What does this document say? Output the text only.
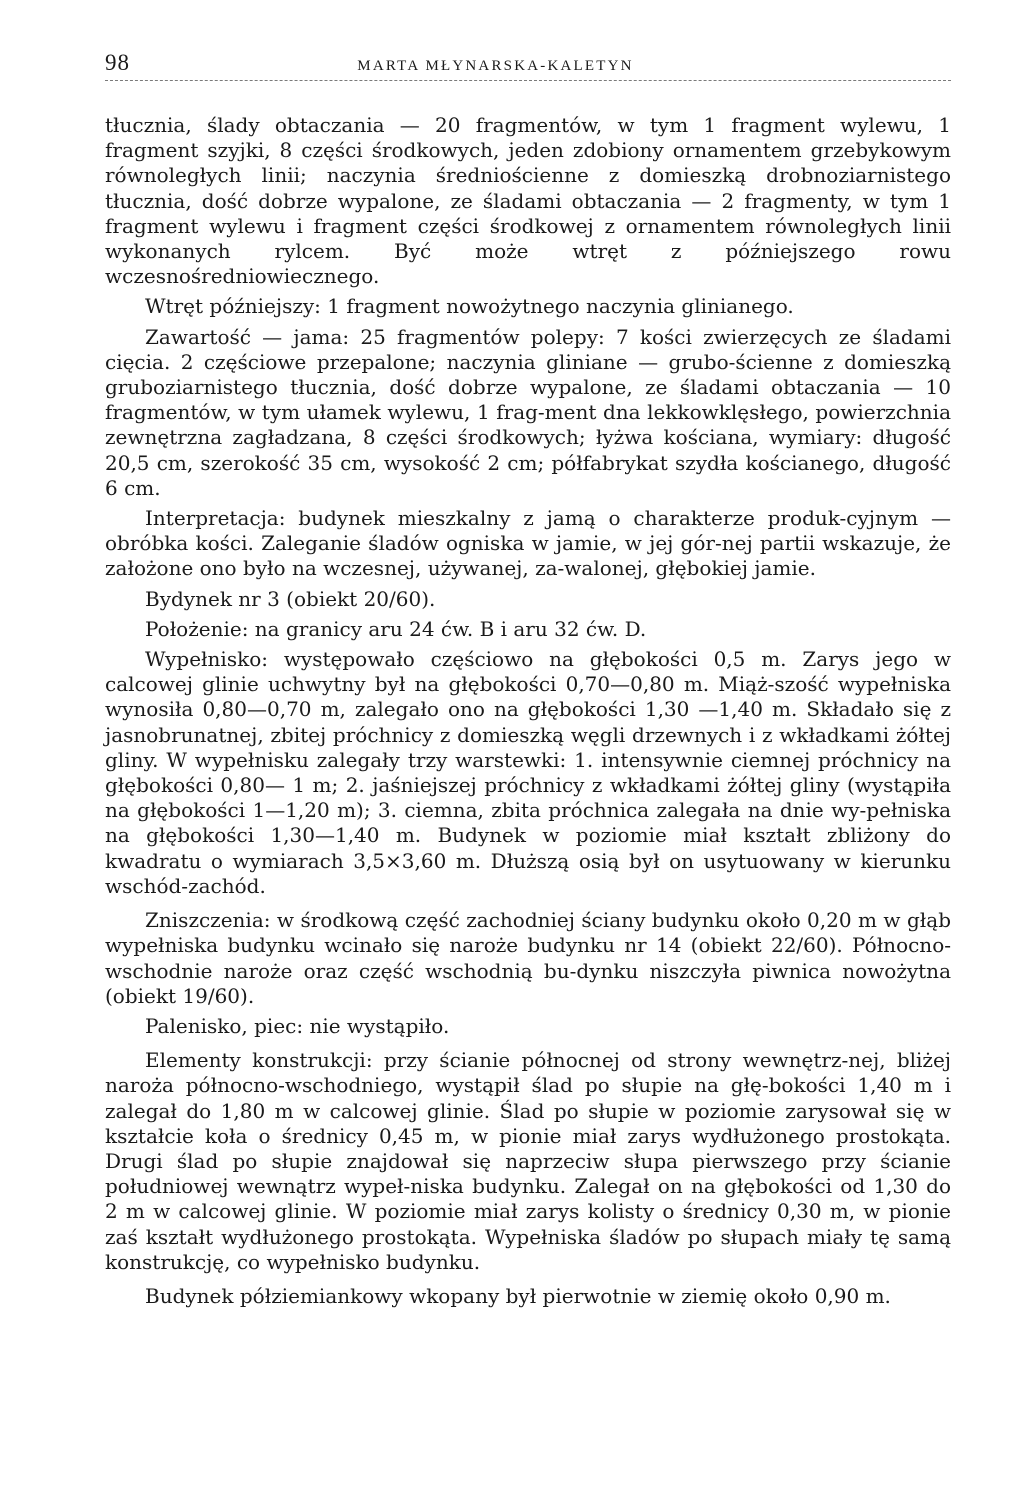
98	MARTA MŁYNARSKA-KALETYN

tłucznia, ślady obtaczania — 20 fragmentów, w tym 1 fragment wylewu, 1 fragment szyjki, 8 części środkowych, jeden zdobiony ornamentem grzebykowym równoległych linii; naczynia średniościenne z domieszką drobnoziarnistego tłucznia, dość dobrze wypalone, ze śladami obtaczania — 2 fragmenty, w tym 1 fragment wylewu i fragment części środkowej z ornamentem równoległych linii wykonanych rylcem. Być może wtręt z późniejszego rowu wczesnośredniowiecznego.

Wtręt późniejszy: 1 fragment nowożytnego naczynia glinianego.

Zawartość — jama: 25 fragmentów polepy: 7 kości zwierzęcych ze śladami cięcia. 2 częściowe przepalone; naczynia gliniane — grubo-ścienne z domieszką gruboziarnistego tłucznia, dość dobrze wypalone, ze śladami obtaczania — 10 fragmentów, w tym ułamek wylewu, 1 frag-ment dna lekkowklęsłego, powierzchnia zewnętrzna zagładzana, 8 części środkowych; łyżwa kościana, wymiary: długość 20,5 cm, szerokość 35 cm, wysokość 2 cm; półfabrykat szydła kościanego, długość 6 cm.

Interpretacja: budynek mieszkalny z jamą o charakterze produk-cyjnym — obróbka kości. Zaleganie śladów ogniska w jamie, w jej gór-nej partii wskazuje, że założone ono było na wczesnej, używanej, za-walonej, głębokiej jamie.

Bydynek nr 3 (obiekt 20/60).

Położenie: na granicy aru 24 ćw. B i aru 32 ćw. D.

Wypełnisko: występowało częściowo na głębokości 0,5 m. Zarys jego w calcowej glinie uchwytny był na głębokości 0,70—0,80 m. Miąż-szość wypełniska wynosiła 0,80—0,70 m, zalegało ono na głębokości 1,30 —1,40 m. Składało się z jasnobrunatnej, zbitej próchnicy z domieszką węgli drzewnych i z wkładkami żółtej gliny. W wypełnisku zalegały trzy warstewki: 1. intensywnie ciemnej próchnicy na głębokości 0,80— 1 m; 2. jaśniejszej próchnicy z wkładkami żółtej gliny (wystąpiła na głębokości 1—1,20 m); 3. ciemna, zbita próchnica zalegała na dnie wy-pełniska na głębokości 1,30—1,40 m. Budynek w poziomie miał kształt zbliżony do kwadratu o wymiarach 3,5×3,60 m. Dłuższą osią był on usytuowany w kierunku wschód-zachód.

Zniszczenia: w środkową część zachodniej ściany budynku około 0,20 m w głąb wypełniska budynku wcinało się naroże budynku nr 14 (obiekt 22/60). Północno-wschodnie naroże oraz część wschodnią bu-dynku niszczyła piwnica nowożytna (obiekt 19/60).

Palenisko, piec: nie wystąpiło.

Elementy konstrukcji: przy ścianie północnej od strony wewnętrz-nej, bliżej naroża północno-wschodniego, wystąpił ślad po słupie na głę-bokości 1,40 m i zalegał do 1,80 m w calcowej glinie. Ślad po słupie w poziomie zarysował się w kształcie koła o średnicy 0,45 m, w pionie miał zarys wydłużonego prostokąta. Drugi ślad po słupie znajdował się naprzeciw słupa pierwszego przy ścianie południowej wewnątrz wypeł-niska budynku. Zalegał on na głębokości od 1,30 do 2 m w calcowej glinie. W poziomie miał zarys kolisty o średnicy 0,30 m, w pionie zaś kształt wydłużonego prostokąta. Wypełniska śladów po słupach miały tę samą konstrukcję, co wypełnisko budynku.

Budynek półziemiankowy wkopany był pierwotnie w ziemię około 0,90 m.
